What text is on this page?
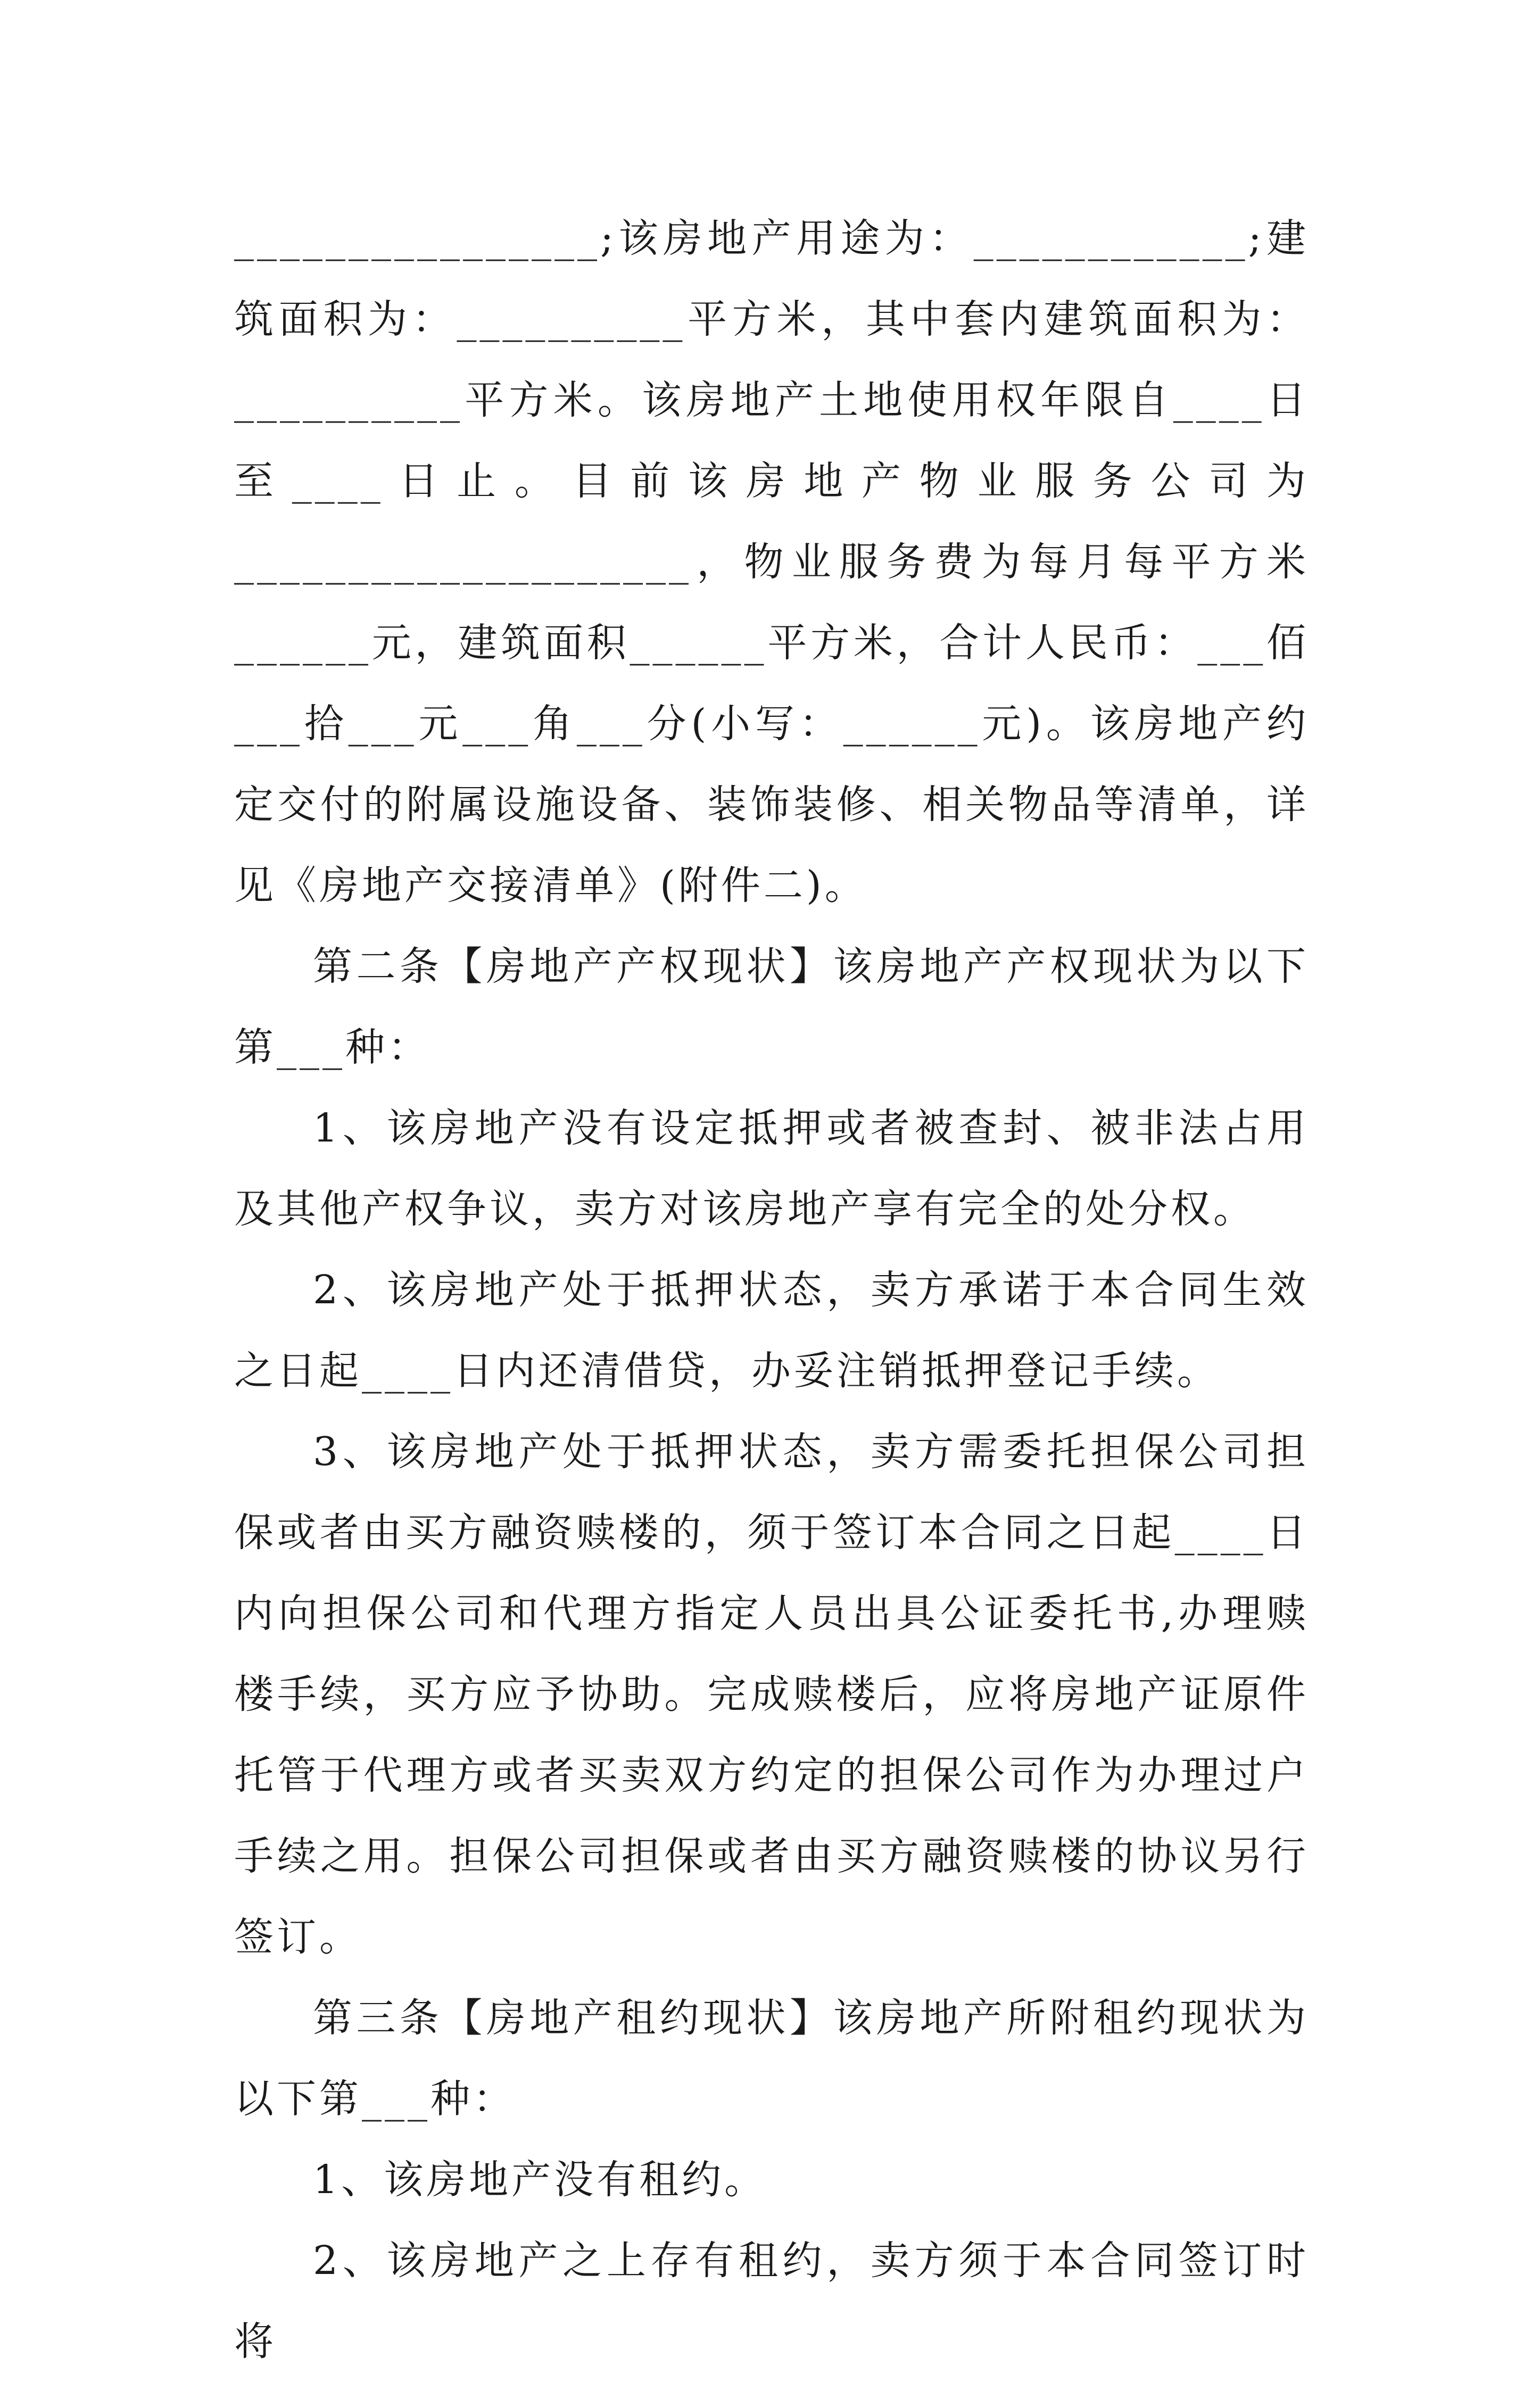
________________;该房地产用途为：____________;建筑面积为：__________平方米，其中套内建筑面积为：__________平方米。该房地产土地使用权年限自____日至____日止。目前该房地产物业服务公司为____________________，物业服务费为每月每平方米______元，建筑面积______平方米，合计人民币：___佰___拾___元___角___分(小写：______元)。该房地产约定交付的附属设施设备、装饰装修、相关物品等清单，详见《房地产交接清单》(附件二)。

第二条【房地产产权现状】该房地产产权现状为以下第___种：

1、该房地产没有设定抵押或者被查封、被非法占用及其他产权争议，卖方对该房地产享有完全的处分权。

2、该房地产处于抵押状态，卖方承诺于本合同生效之日起____日内还清借贷，办妥注销抵押登记手续。

3、该房地产处于抵押状态，卖方需委托担保公司担保或者由买方融资赎楼的，须于签订本合同之日起____日内向担保公司和代理方指定人员出具公证委托书,办理赎楼手续，买方应予协助。完成赎楼后，应将房地产证原件托管于代理方或者买卖双方约定的担保公司作为办理过户手续之用。担保公司担保或者由买方融资赎楼的协议另行签订。

第三条【房地产租约现状】该房地产所附租约现状为以下第___种：

1、该房地产没有租约。

2、该房地产之上存有租约，卖方须于本合同签订时将
